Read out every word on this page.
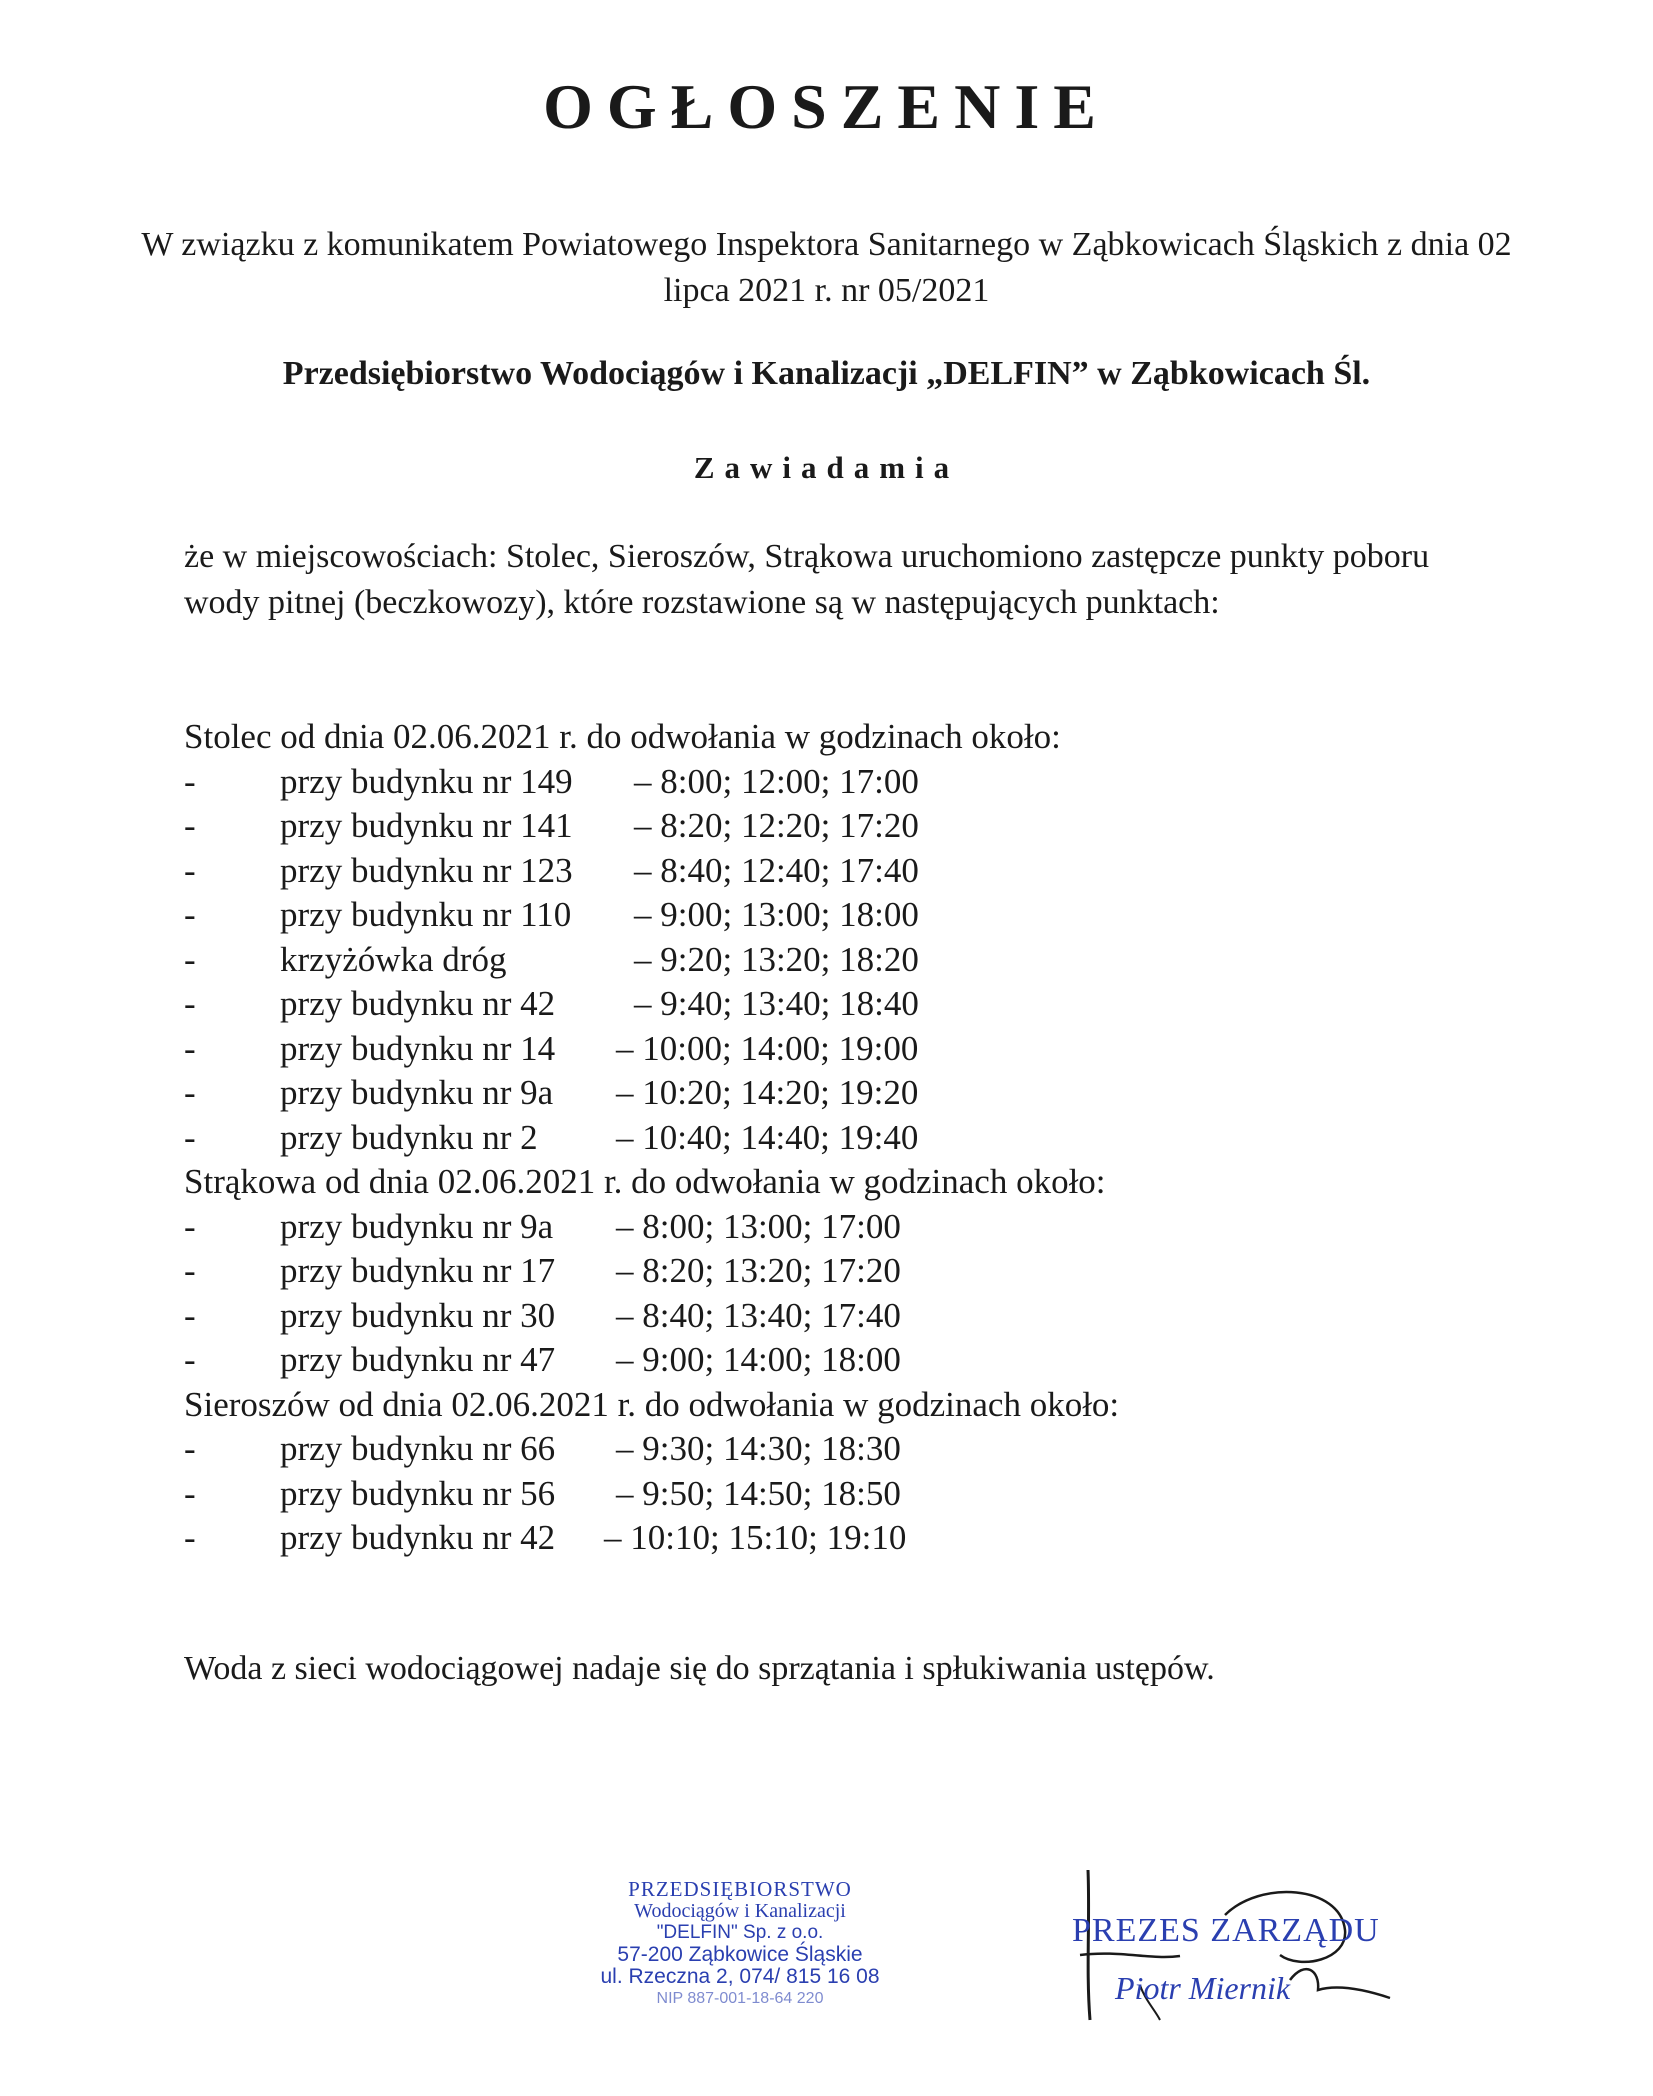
OGŁOSZENIE
W związku z komunikatem Powiatowego Inspektora Sanitarnego w Ząbkowicach Śląskich z dnia 02 lipca 2021 r. nr 05/2021
Przedsiębiorstwo Wodociągów i Kanalizacji „DELFIN” w Ząbkowicach Śl.
Zawiadamia

że w miejscowościach: Stolec, Sieroszów, Strąkowa uruchomiono zastępcze punkty poboru wody pitnej (beczkowozy), które rozstawione są w następujących punktach:

Stolec od dnia 02.06.2021 r. do odwołania w godzinach około:
- przy budynku nr 149 – 8:00; 12:00; 17:00
- przy budynku nr 141 – 8:20; 12:20; 17:20
- przy budynku nr 123 – 8:40; 12:40; 17:40
- przy budynku nr 110 – 9:00; 13:00; 18:00
- krzyżówka dróg	– 9:20; 13:20; 18:20
- przy budynku nr 42 – 9:40; 13:40; 18:40
- przy budynku nr 14 – 10:00; 14:00; 19:00
- przy budynku nr 9a – 10:20; 14:20; 19:20
- przy budynku nr 2 – 10:40; 14:40; 19:40
Strąkowa od dnia 02.06.2021 r. do odwołania w godzinach około:
- przy budynku nr 9a – 8:00; 13:00; 17:00
- przy budynku nr 17 – 8:20; 13:20; 17:20
- przy budynku nr 30 – 8:40; 13:40; 17:40
- przy budynku nr 47 – 9:00; 14:00; 18:00
Sieroszów od dnia 02.06.2021 r. do odwołania w godzinach około:
- przy budynku nr 66 – 9:30; 14:30; 18:30
- przy budynku nr 56 – 9:50; 14:50; 18:50
- przy budynku nr 42 – 10:10; 15:10; 19:10
Woda z sieci wodociągowej nadaje się do sprzątania i spłukiwania ustępów.
PRZEDSIĘBIORSTWO
Wodociągów i Kanalizacji
"DELFIN" Sp. z o.o.
57-200 Ząbkowice Śląskie
ul. Rzeczna 2, 074/ 815 16 08
NIP 887-001-18-64 220
PREZES ZARZĄDU
Piotr Miernik
